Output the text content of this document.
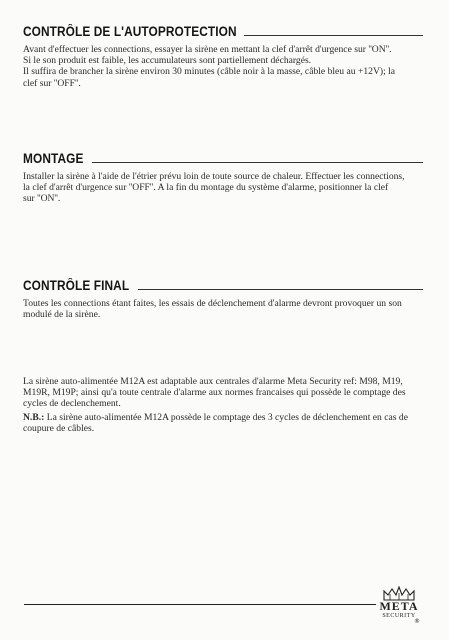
CONTRÔLE DE L'AUTOPROTECTION
Avant d'effectuer les connections, essayer la sirène en mettant la clef d'arrêt d'urgence sur ''ON''.
Si le son produit est faible, les accumulateurs sont partiellement déchargés.
Il suffira de brancher la sirène environ 30 minutes (câble noir à la masse, câble bleu au +12V); la
clef sur ''OFF''.
MONTAGE
Installer la sirène à l'aide de l'étrier prévu loin de toute source de chaleur. Effectuer les connections,
la clef d'arrêt d'urgence sur ''OFF''. A la fin du montage du système d'alarme, positionner la clef
sur ''ON''.
CONTRÔLE FINAL
Toutes les connections étant faites, les essais de déclenchement d'alarme devront provoquer un son
modulé de la sirène.
La sirène auto-alimentée M12A est adaptable aux centrales d'alarme Meta Security ref: M98, M19,
M19R, M19P; ainsi qu'a toute centrale d'alarme aux normes francaises qui possède le comptage des
cycles de declenchement.
N.B.: La sirène auto-alimentée M12A possède le comptage des 3 cycles de déclenchement en cas de
coupure de câbles.
META
SECURITY
®
